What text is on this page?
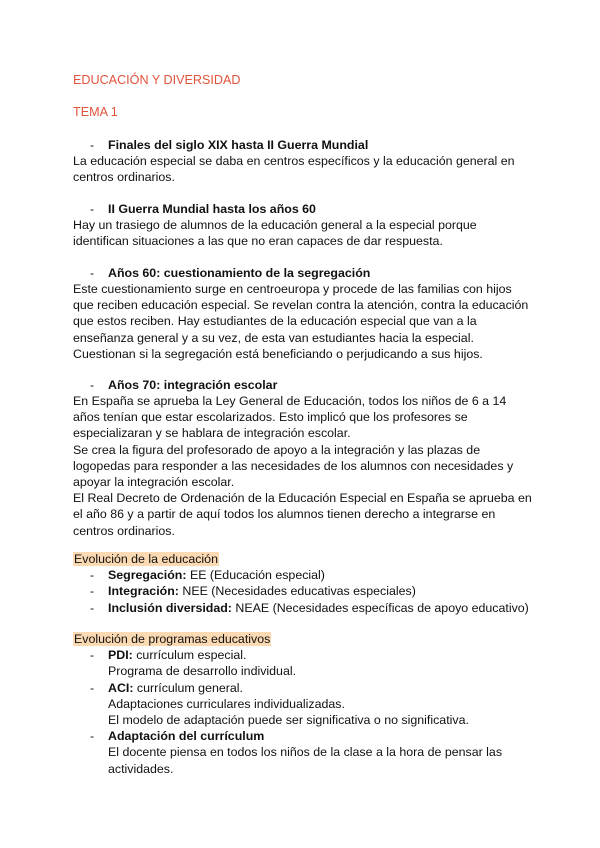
EDUCACIÓN Y DIVERSIDAD
TEMA 1
- Finales del siglo XIX hasta II Guerra Mundial

La educación especial se daba en centros específicos y la educación general en centros ordinarios.

- II Guerra Mundial hasta los años 60

Hay un trasiego de alumnos de la educación general a la especial porque identifican situaciones a las que no eran capaces de dar respuesta.

- Años 60: cuestionamiento de la segregación

Este cuestionamiento surge en centroeuropa y procede de las familias con hijos que reciben educación especial. Se revelan contra la atención, contra la educación que estos reciben. Hay estudiantes de la educación especial que van a la enseñanza general y a su vez, de esta van estudiantes hacia la especial.

Cuestionan si la segregación está beneficiando o perjudicando a sus hijos.

- Años 70: integración escolar

En España se aprueba la Ley General de Educación, todos los niños de 6 a 14 años tenían que estar escolarizados. Esto implicó que los profesores se especializaran y se hablara de integración escolar.

Se crea la figura del profesorado de apoyo a la integración y las plazas de logopedas para responder a las necesidades de los alumnos con necesidades y apoyar la integración escolar.

El Real Decreto de Ordenación de la Educación Especial en España se aprueba en el año 86 y a partir de aquí todos los alumnos tienen derecho a integrarse en centros ordinarios.

Evolución de la educación
- Segregación: EE (Educación especial)
- Integración: NEE (Necesidades educativas especiales)
- Inclusión diversidad: NEAE (Necesidades específicas de apoyo educativo)
Evolución de programas educativos
- PDI: currículum especial.
Programa de desarrollo individual.
- ACI: currículum general.
Adaptaciones curriculares individualizadas.
El modelo de adaptación puede ser significativa o no significativa.
- Adaptación del currículum
El docente piensa en todos los niños de la clase a la hora de pensar las actividades.
